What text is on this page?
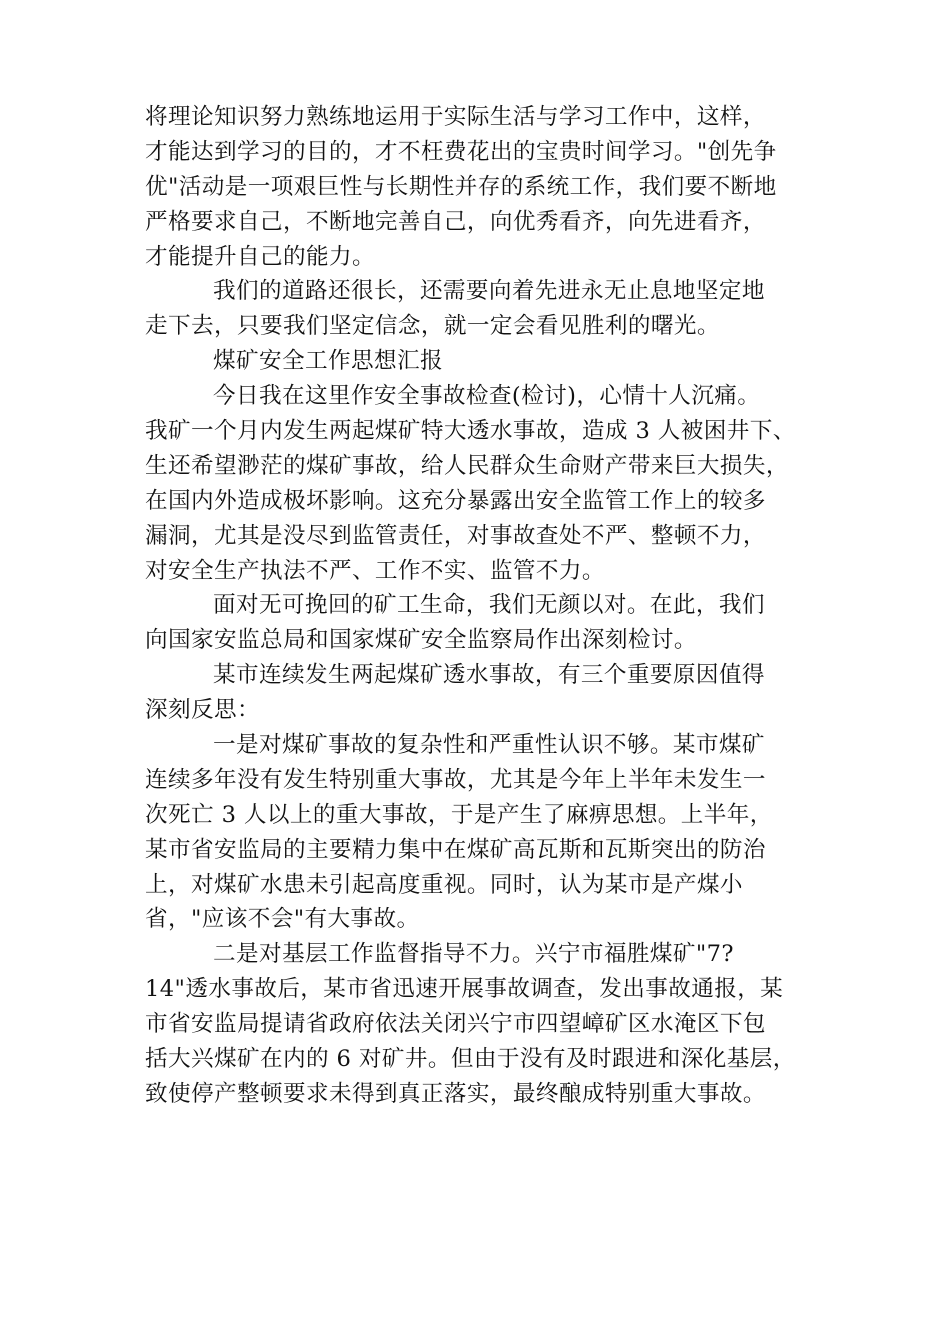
将理论知识努力熟练地运用于实际生活与学习工作中，这样，
才能达到学习的目的，才不枉费花出的宝贵时间学习。"创先争
优"活动是一项艰巨性与长期性并存的系统工作，我们要不断地
严格要求自己，不断地完善自己，向优秀看齐，向先进看齐，
才能提升自己的能力。
我们的道路还很长，还需要向着先进永无止息地坚定地
走下去，只要我们坚定信念，就一定会看见胜利的曙光。
煤矿安全工作思想汇报
今日我在这里作安全事故检查(检讨)，心情十人沉痛。
我矿一个月内发生两起煤矿特大透水事故，造成 3 人被困井下、
生还希望渺茫的煤矿事故，给人民群众生命财产带来巨大损失，
在国内外造成极坏影响。这充分暴露出安全监管工作上的较多
漏洞，尤其是没尽到监管责任，对事故查处不严、整顿不力，
对安全生产执法不严、工作不实、监管不力。
面对无可挽回的矿工生命，我们无颜以对。在此，我们
向国家安监总局和国家煤矿安全监察局作出深刻检讨。
某市连续发生两起煤矿透水事故，有三个重要原因值得
深刻反思：
一是对煤矿事故的复杂性和严重性认识不够。某市煤矿
连续多年没有发生特别重大事故，尤其是今年上半年未发生一
次死亡 3 人以上的重大事故，于是产生了麻痹思想。上半年，
某市省安监局的主要精力集中在煤矿高瓦斯和瓦斯突出的防治
上，对煤矿水患未引起高度重视。同时，认为某市是产煤小
省，"应该不会"有大事故。
二是对基层工作监督指导不力。兴宁市福胜煤矿"7?
14"透水事故后，某市省迅速开展事故调查，发出事故通报，某
市省安监局提请省政府依法关闭兴宁市四望嶂矿区水淹区下包
括大兴煤矿在内的 6 对矿井。但由于没有及时跟进和深化基层，
致使停产整顿要求未得到真正落实，最终酿成特别重大事故。
